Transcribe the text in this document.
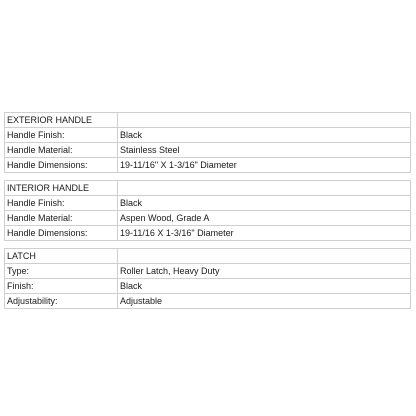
EXTERIOR HANDLE	
Handle Finish:	Black
Handle Material:	Stainless Steel
Handle Dimensions:	19-11/16" X 1-3/16" Diameter
INTERIOR HANDLE	
Handle Finish:	Black
Handle Material:	Aspen Wood, Grade A
Handle Dimensions:	19-11/16 X 1-3/16" Diameter
LATCH	
Type:	Roller Latch, Heavy Duty
Finish:	Black
Adjustability:	Adjustable
